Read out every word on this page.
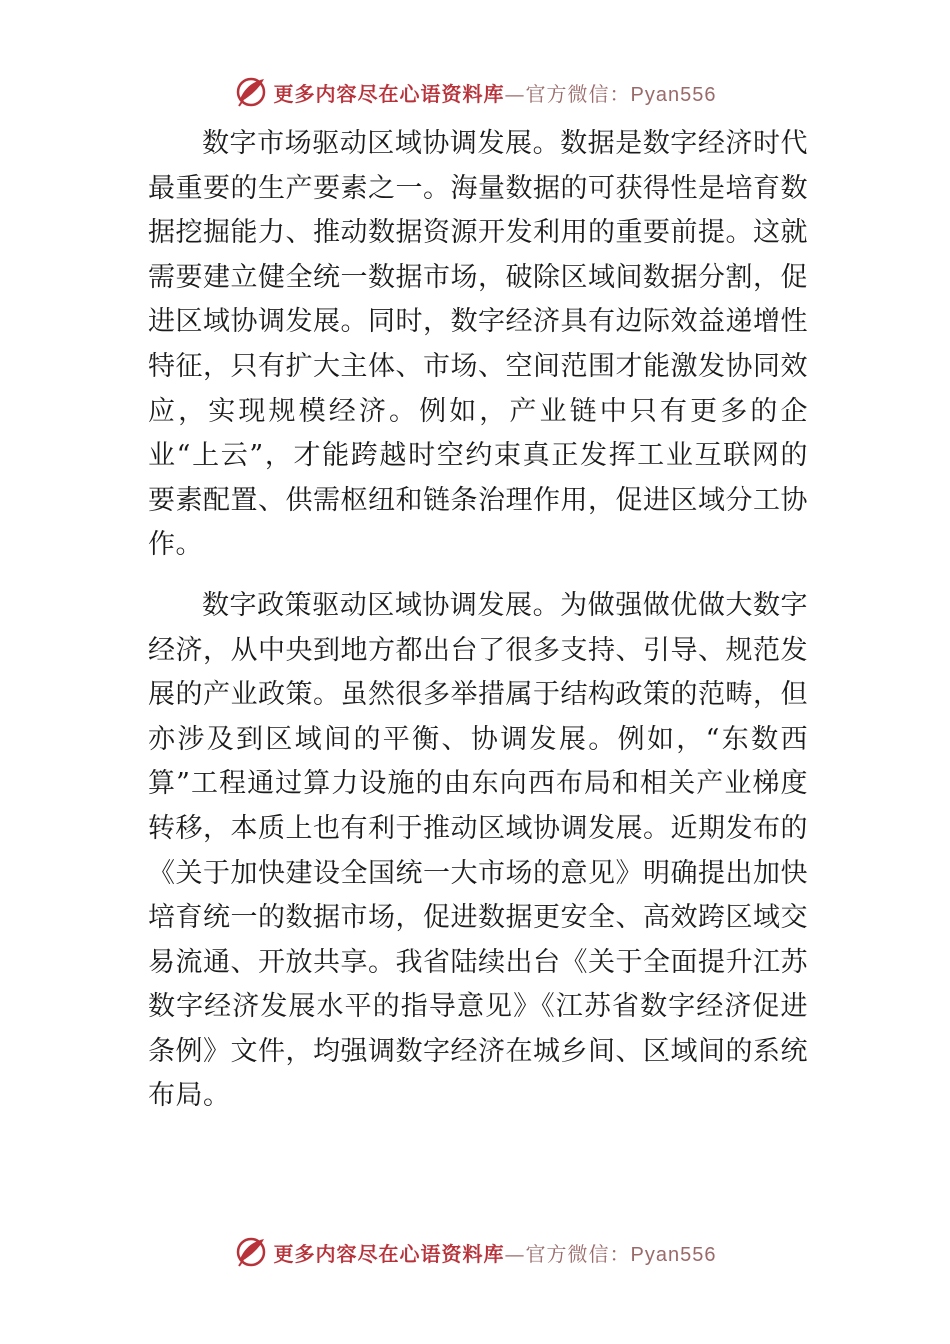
更多内容尽在心语资料库—官方微信：Pyan556

数字市场驱动区域协调发展。数据是数字经济时代最重要的生产要素之一。海量数据的可获得性是培育数据挖掘能力、推动数据资源开发利用的重要前提。这就需要建立健全统一数据市场，破除区域间数据分割，促进区域协调发展。同时，数字经济具有边际效益递增性特征，只有扩大主体、市场、空间范围才能激发协同效应，实现规模经济。例如，产业链中只有更多的企业“上云”，才能跨越时空约束真正发挥工业互联网的要素配置、供需枢纽和链条治理作用，促进区域分工协作。

数字政策驱动区域协调发展。为做强做优做大数字经济，从中央到地方都出台了很多支持、引导、规范发展的产业政策。虽然很多举措属于结构政策的范畴，但亦涉及到区域间的平衡、协调发展。例如，“东数西算”工程通过算力设施的由东向西布局和相关产业梯度转移，本质上也有利于推动区域协调发展。近期发布的《关于加快建设全国统一大市场的意见》明确提出加快培育统一的数据市场，促进数据更安全、高效跨区域交易流通、开放共享。我省陆续出台《关于全面提升江苏数字经济发展水平的指导意见》《江苏省数字经济促进条例》文件，均强调数字经济在城乡间、区域间的系统布局。

更多内容尽在心语资料库—官方微信：Pyan556
